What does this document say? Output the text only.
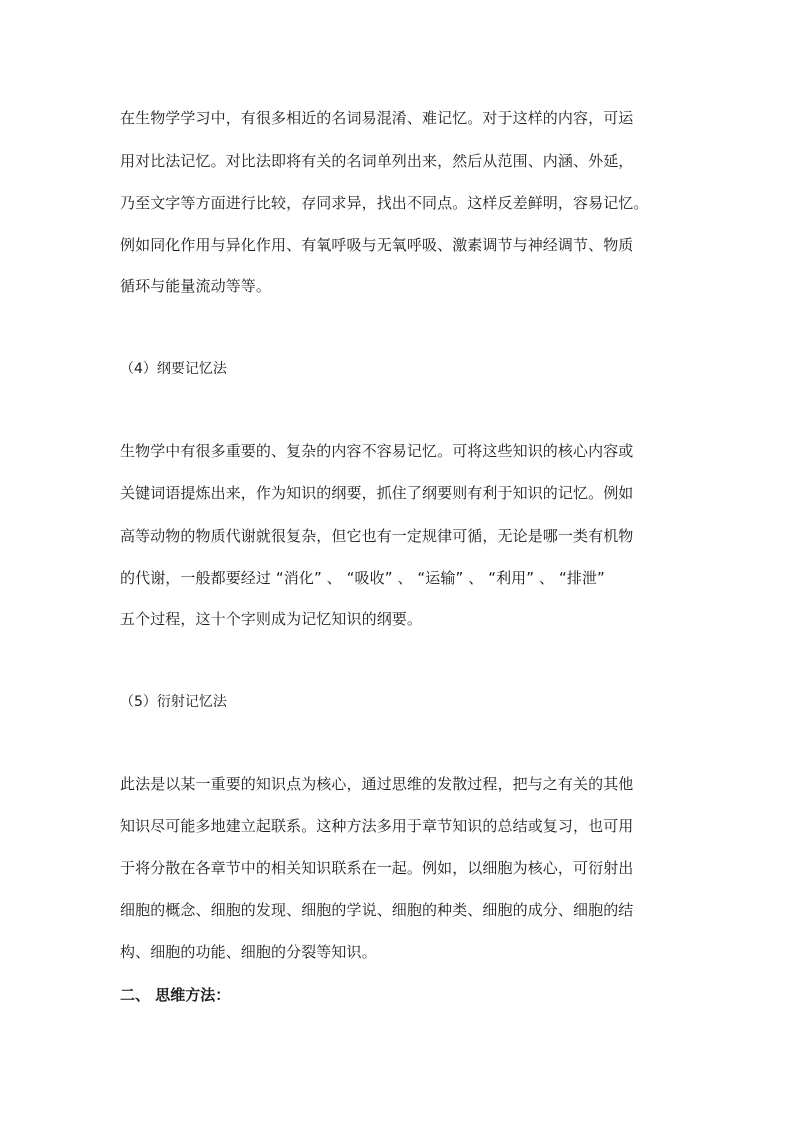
在生物学学习中，有很多相近的名词易混淆、难记忆。对于这样的内容，可运
用对比法记忆。对比法即将有关的名词单列出来，然后从范围、内涵、外延，
乃至文字等方面进行比较，存同求异，找出不同点。这样反差鲜明，容易记忆。
例如同化作用与异化作用、有氧呼吸与无氧呼吸、激素调节与神经调节、物质
循环与能量流动等等。
（4）纲要记忆法
生物学中有很多重要的、复杂的内容不容易记忆。可将这些知识的核心内容或
关键词语提炼出来，作为知识的纲要，抓住了纲要则有利于知识的记忆。例如
高等动物的物质代谢就很复杂，但它也有一定规律可循，无论是哪一类有机物
的代谢，一般都要经过 “消化” 、 “吸收” 、 “运输” 、 “利用” 、 “排泄”
五个过程，这十个字则成为记忆知识的纲要。
（5）衍射记忆法
此法是以某一重要的知识点为核心，通过思维的发散过程，把与之有关的其他
知识尽可能多地建立起联系。这种方法多用于章节知识的总结或复习，也可用
于将分散在各章节中的相关知识联系在一起。例如，以细胞为核心，可衍射出
细胞的概念、细胞的发现、细胞的学说、细胞的种类、细胞的成分、细胞的结
构、细胞的功能、细胞的分裂等知识。
二、 思维方法：
